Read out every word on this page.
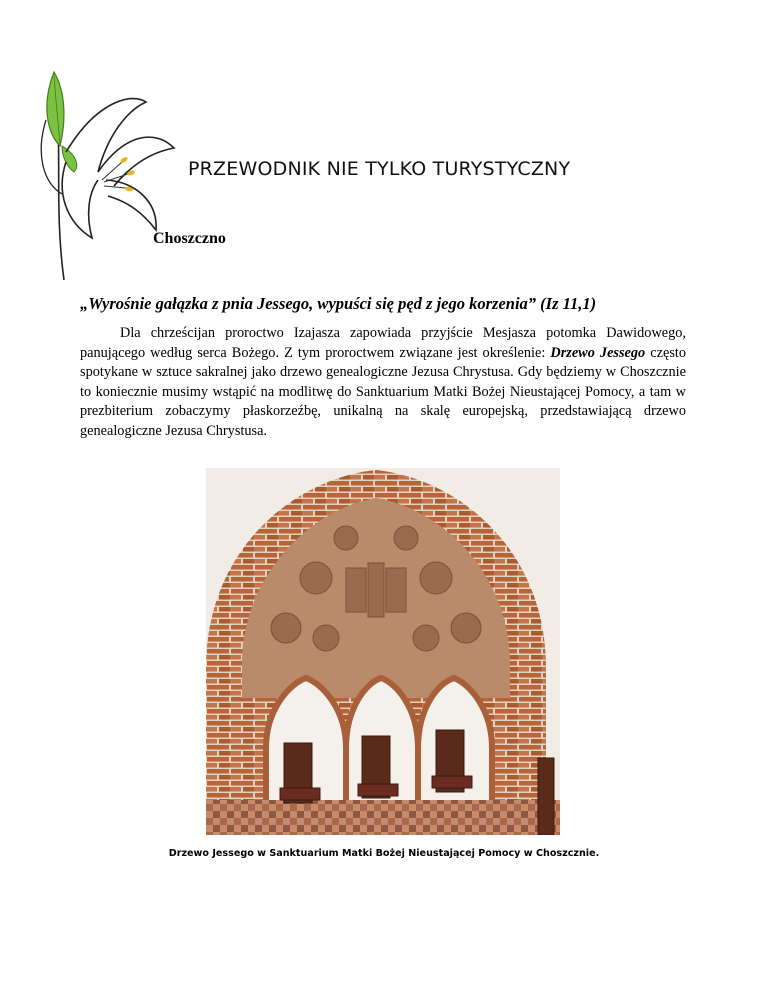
PRZEWODNIK NIE TYLKO TURYSTYCZNY
Choszczno
„Wyrośnie gałązka z pnia Jessego, wypuści się pęd z jego korzenia” (Iz 11,1)
Dla chrześcijan proroctwo Izajasza zapowiada przyjście Mesjasza potomka Dawidowego, panującego według serca Bożego. Z tym proroctwem związane jest określenie: Drzewo Jessego często spotykane w sztuce sakralnej jako drzewo genealogiczne Jezusa Chrystusa. Gdy będziemy w Choszcznie to koniecznie musimy wstąpić na modlitwę do Sanktuarium Matki Bożej Nieustającej Pomocy, a tam w prezbiterium zobaczymy płaskorzeźbę, unikalną na skalę europejską, przedstawiającą drzewo genealogiczne Jezusa Chrystusa.
Drzewo Jessego w Sanktuarium Matki Bożej Nieustającej Pomocy w Choszcznie.
